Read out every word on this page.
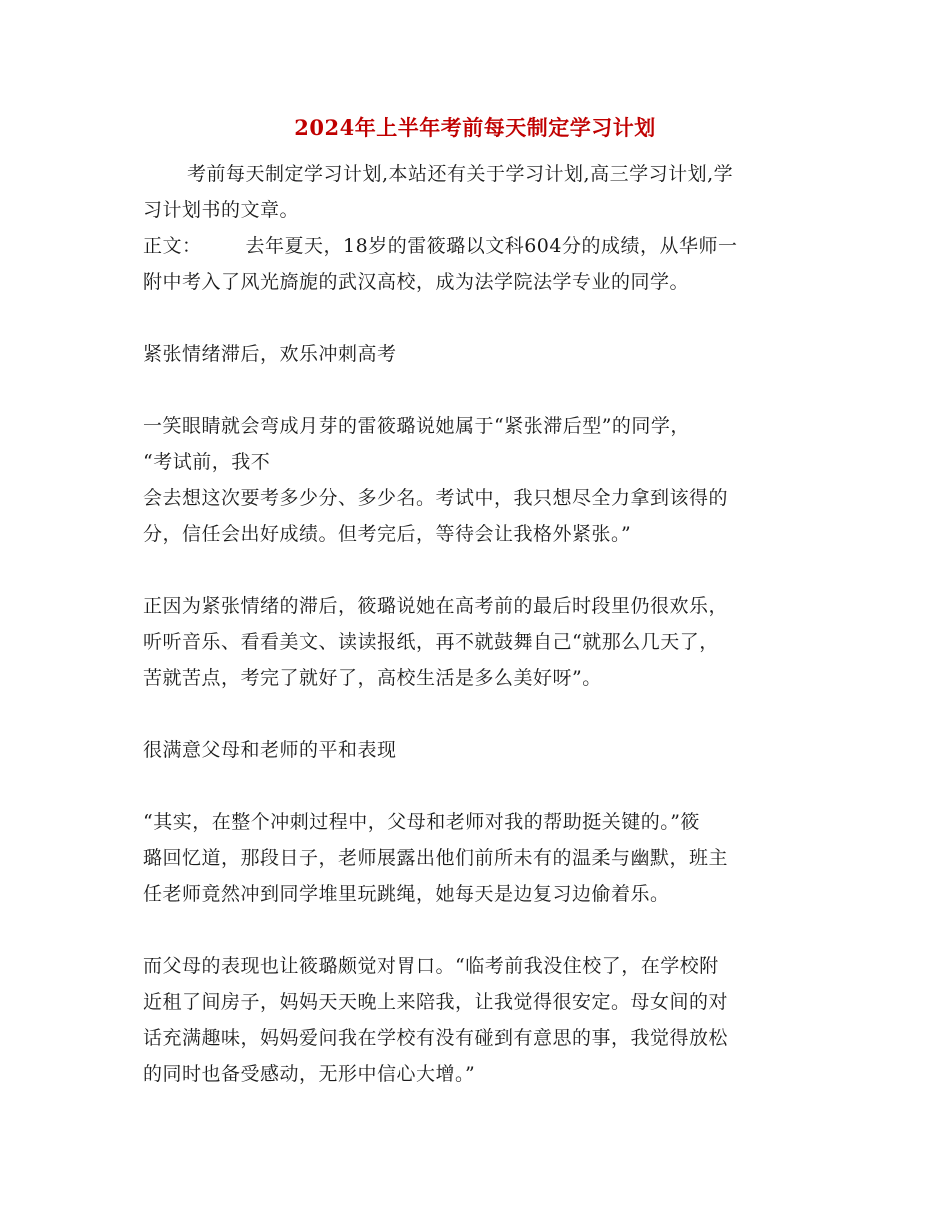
2024年上半年考前每天制定学习计划
考前每天制定学习计划,本站还有关于学习计划,高三学习计划,学
习计划书的文章。
正文： 去年夏天，18岁的雷筱璐以文科604分的成绩，从华师一
附中考入了风光旖旎的武汉高校，成为法学院法学专业的同学。
紧张情绪滞后，欢乐冲刺高考
一笑眼睛就会弯成月芽的雷筱璐说她属于“紧张滞后型”的同学，
“考试前，我不
会去想这次要考多少分、多少名。考试中，我只想尽全力拿到该得的
分，信任会出好成绩。但考完后，等待会让我格外紧张。”
正因为紧张情绪的滞后，筱璐说她在高考前的最后时段里仍很欢乐，
听听音乐、看看美文、读读报纸，再不就鼓舞自己“就那么几天了，
苦就苦点，考完了就好了，高校生活是多么美好呀”。
很满意父母和老师的平和表现
“其实，在整个冲刺过程中，父母和老师对我的帮助挺关键的。”筱
璐回忆道，那段日子，老师展露出他们前所未有的温柔与幽默，班主
任老师竟然冲到同学堆里玩跳绳，她每天是边复习边偷着乐。
而父母的表现也让筱璐颇觉对胃口。“临考前我没住校了，在学校附
近租了间房子，妈妈天天晚上来陪我，让我觉得很安定。母女间的对
话充满趣味，妈妈爱问我在学校有没有碰到有意思的事，我觉得放松
的同时也备受感动，无形中信心大增。”
